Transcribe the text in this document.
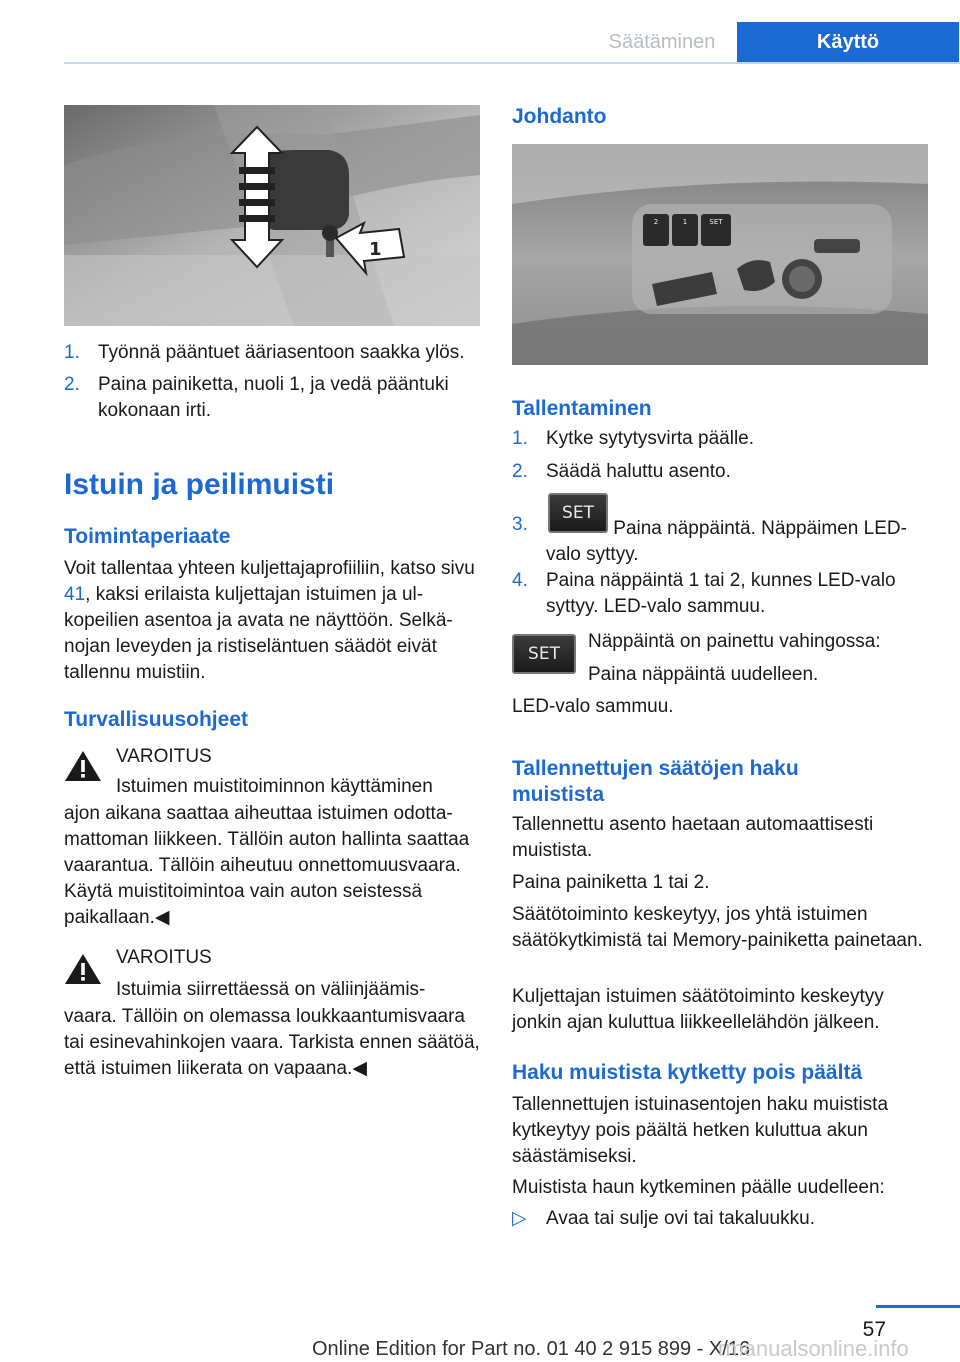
Säätäminen	Käyttö
1
1. Työnnä pääntuet ääriasentoon saakka ylös.
2. Paina painiketta, nuoli 1, ja vedä pääntuki kokonaan irti.
Istuin ja peilimuisti
Toimintaperiaate
Voit tallentaa yhteen kuljettajaprofiiliin, katso sivu 41, kaksi erilaista kuljettajan istuimen ja ulkopeilien asentoa ja avata ne näyttöön. Selkänojan leveyden ja ristiseläntuen säädöt eivät tallennu muistiin.
Turvallisuusohjeet
VAROITUS
Istuimen muistitoiminnon käyttäminen
ajon aikana saattaa aiheuttaa istuimen odottamattoman liikkeen. Tällöin auton hallinta saattaa vaarantua. Tällöin aiheutuu onnettomuusvaara. Käytä muistitoimintoa vain auton seistessä paikallaan.◀
VAROITUS
Istuimia siirrettäessä on väliinjäämis-
vaara. Tällöin on olemassa loukkaantumisvaara tai esinevahinkojen vaara. Tarkista ennen säätöä, että istuimen liikerata on vapaana.◀
Johdanto
2	1	SET
Tallentaminen
1. Kytke sytytysvirta päälle.
2. Säädä haluttu asento.
3.	Paina näppäintä. Näppäimen LED-valo syttyy.
SET
4. Paina näppäintä 1 tai 2, kunnes LED-valo syttyy. LED-valo sammuu.
SET
Näppäintä on painettu vahingossa:
Paina näppäintä uudelleen.
LED-valo sammuu.
Tallennettujen säätöjen haku muistista
Tallennettu asento haetaan automaattisesti muistista.
Paina painiketta 1 tai 2.
Säätötoiminto keskeytyy, jos yhtä istuimen säätökytkimistä tai Memory-painiketta painetaan.
Kuljettajan istuimen säätötoiminto keskeytyy jonkin ajan kuluttua liikkeellelähdön jälkeen.
Haku muistista kytketty pois päältä
Tallennettujen istuinasentojen haku muistista kytkeytyy pois päältä hetken kuluttua akun säästämiseksi.
Muistista haun kytkeminen päälle uudelleen:
▷	Avaa tai sulje ovi tai takaluukku.
57
Online Edition for Part no. 01 40 2 915 899 - X/16
rmanualsonline.info
